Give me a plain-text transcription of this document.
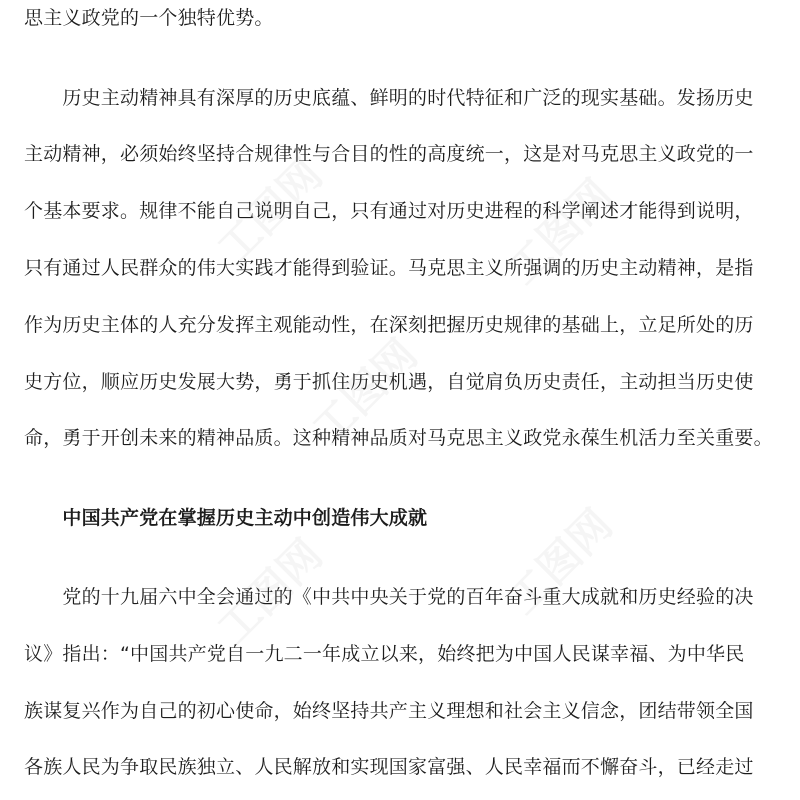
思主义政党的一个独特优势。
　　历史主动精神具有深厚的历史底蕴、鲜明的时代特征和广泛的现实基础。发扬历史
主动精神，必须始终坚持合规律性与合目的性的高度统一，这是对马克思主义政党的一
个基本要求。规律不能自己说明自己，只有通过对历史进程的科学阐述才能得到说明，
只有通过人民群众的伟大实践才能得到验证。马克思主义所强调的历史主动精神，是指
作为历史主体的人充分发挥主观能动性，在深刻把握历史规律的基础上，立足所处的历
史方位，顺应历史发展大势，勇于抓住历史机遇，自觉肩负历史责任，主动担当历史使
命，勇于开创未来的精神品质。这种精神品质对马克思主义政党永葆生机活力至关重要。
　　中国共产党在掌握历史主动中创造伟大成就
　　党的十九届六中全会通过的《中共中央关于党的百年奋斗重大成就和历史经验的决
议》指出：“中国共产党自一九二一年成立以来，始终把为中国人民谋幸福、为中华民
族谋复兴作为自己的初心使命，始终坚持共产主义理想和社会主义信念，团结带领全国
各族人民为争取民族独立、人民解放和实现国家富强、人民幸福而不懈奋斗，已经走过
工图网	工图网
工图网	工图网
工图网
